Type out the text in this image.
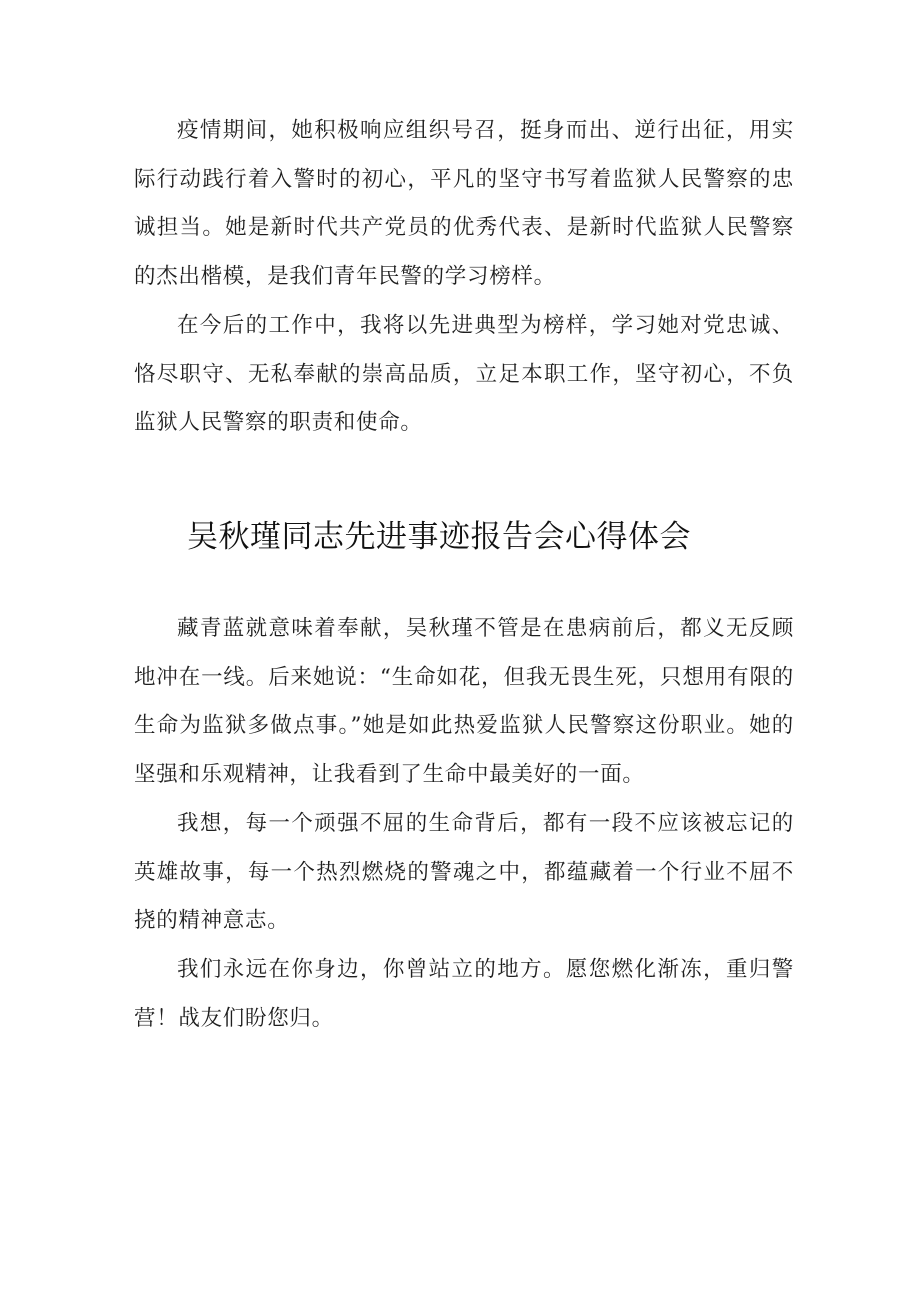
疫情期间，她积极响应组织号召，挺身而出、逆行出征，用实际行动践行着入警时的初心，平凡的坚守书写着监狱人民警察的忠诚担当。她是新时代共产党员的优秀代表、是新时代监狱人民警察的杰出楷模，是我们青年民警的学习榜样。

在今后的工作中，我将以先进典型为榜样，学习她对党忠诚、恪尽职守、无私奉献的崇高品质，立足本职工作，坚守初心，不负监狱人民警察的职责和使命。

吴秋瑾同志先进事迹报告会心得体会

藏青蓝就意味着奉献，吴秋瑾不管是在患病前后，都义无反顾地冲在一线。后来她说：“生命如花，但我无畏生死，只想用有限的生命为监狱多做点事。”她是如此热爱监狱人民警察这份职业。她的坚强和乐观精神，让我看到了生命中最美好的一面。

我想，每一个顽强不屈的生命背后，都有一段不应该被忘记的英雄故事，每一个热烈燃烧的警魂之中，都蕴藏着一个行业不屈不挠的精神意志。

我们永远在你身边，你曾站立的地方。愿您燃化渐冻，重归警营！战友们盼您归。
